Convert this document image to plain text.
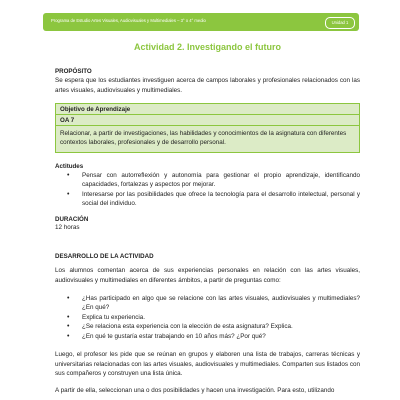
Programa de Estudio Artes Visuales, Audiovisuales y Multimediales – 3° o 4° medio	Unidad 1
Actividad 2. Investigando el futuro
PROPÓSITO

Se espera que los estudiantes investiguen acerca de campos laborales y profesionales relacionados con las artes visuales, audiovisuales y multimediales.

Objetivo de Aprendizaje
OA 7

Relacionar, a partir de investigaciones, las habilidades y conocimientos de la asignatura con diferentes contextos laborales, profesionales y de desarrollo personal.

Actitudes
• Pensar con autorreflexión y autonomía para gestionar el propio aprendizaje, identificando capacidades, fortalezas y aspectos por mejorar.
• Interesarse por las posibilidades que ofrece la tecnología para el desarrollo intelectual, personal y social del individuo.
DURACIÓN

12 horas

DESARROLLO DE LA ACTIVIDAD

Los alumnos comentan acerca de sus experiencias personales en relación con las artes visuales, audiovisuales y multimediales en diferentes ámbitos, a partir de preguntas como:

• ¿Has participado en algo que se relacione con las artes visuales, audiovisuales y multimediales? ¿En qué?
• Explica tu experiencia.
• ¿Se relaciona esta experiencia con la elección de esta asignatura? Explica.
• ¿En qué te gustaría estar trabajando en 10 años más? ¿Por qué?

Luego, el profesor les pide que se reúnan en grupos y elaboren una lista de trabajos, carreras técnicas y universitarias relacionadas con las artes visuales, audiovisuales y multimediales. Comparten sus listados con sus compañeros y construyen una lista única.

A partir de ella, seleccionan una o dos posibilidades y hacen una investigación. Para esto, utilizando
